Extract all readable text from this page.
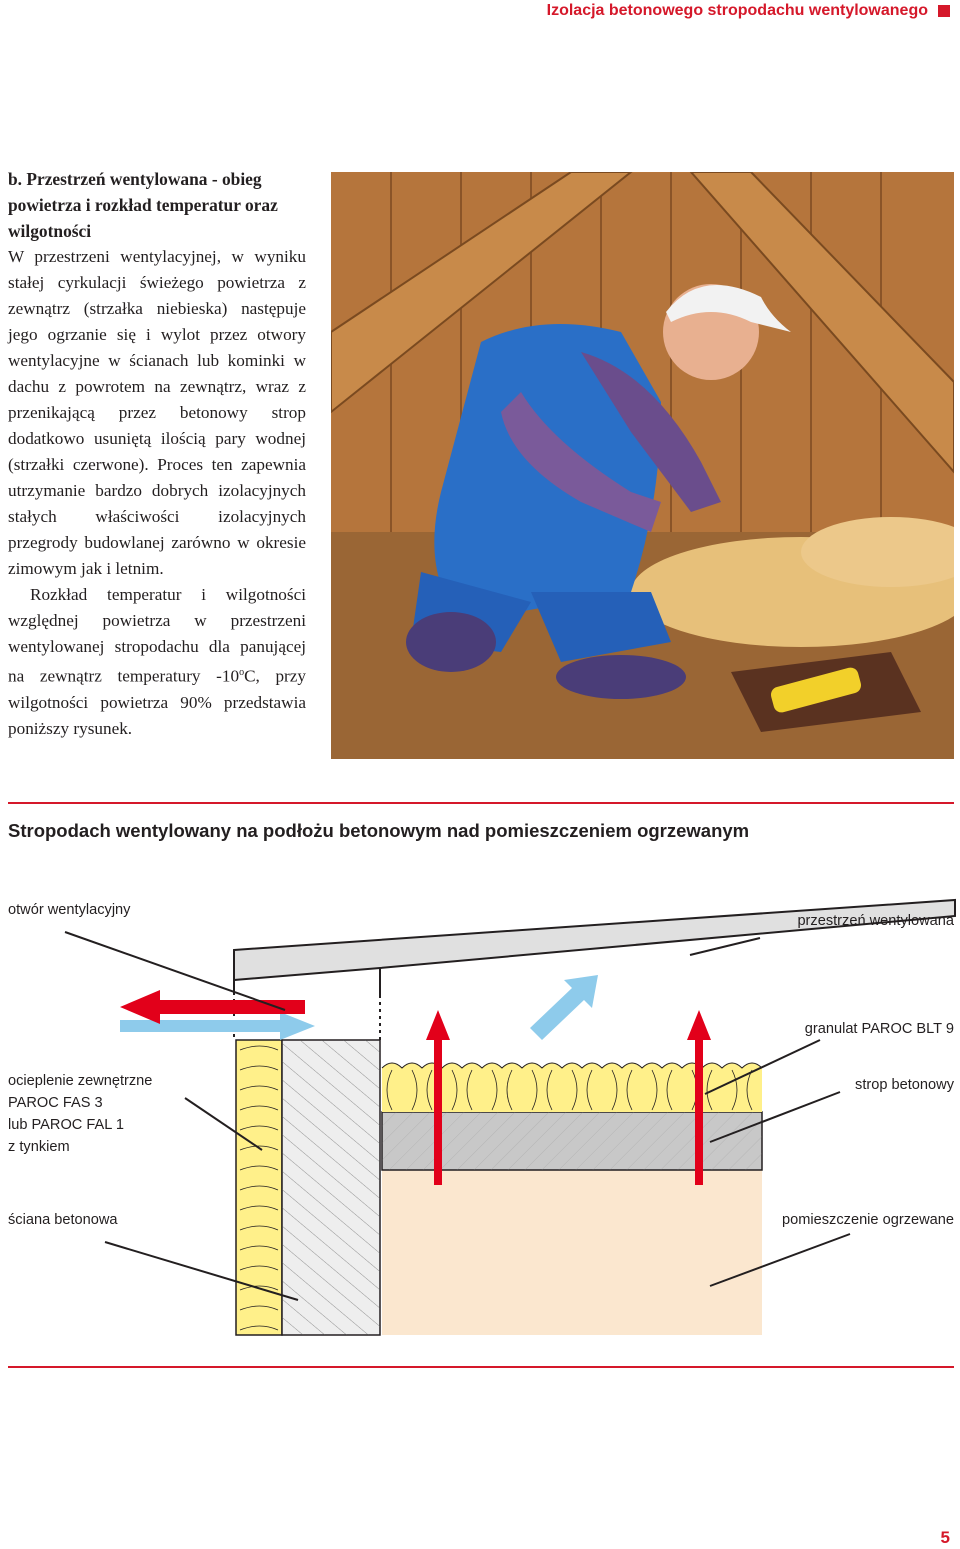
Izolacja betonowego stropodachu wentylowanego
b. Przestrzeń wentylowana - obieg powietrza i rozkład temperatur oraz wilgotności

W przestrzeni wentylacyjnej, w wyniku stałej cyrkulacji świeżego powietrza z zewnątrz (strzałka niebieska) następuje jego ogrzanie się i wylot przez otwory wentylacyjne w ścianach lub kominki w dachu z powrotem na zewnątrz, wraz z przenikającą przez betonowy strop dodatkowo usuniętą ilością pary wodnej (strzałki czerwone). Proces ten zapewnia utrzymanie bardzo dobrych izolacyjnych stałych właściwości izolacyjnych przegrody budowlanej zarówno w okresie zimowym jak i letnim.

Rozkład temperatur i wilgotności względnej powietrza w przestrzeni wentylowanej stropodachu dla panującej na zewnątrz temperatury -10$^o$C, przy wilgotności powietrza 90% przedstawia poniższy rysunek.

Stropodach wentylowany na podłożu betonowym nad pomieszczeniem ogrzewanym
otwór wentylacyjny
przestrzeń wentylowana
granulat PAROC BLT 9
ocieplenie zewnętrzne
PAROC FAS 3
lub PAROC FAL 1
z tynkiem
strop betonowy
ściana betonowa	pomieszczenie ogrzewane
5
